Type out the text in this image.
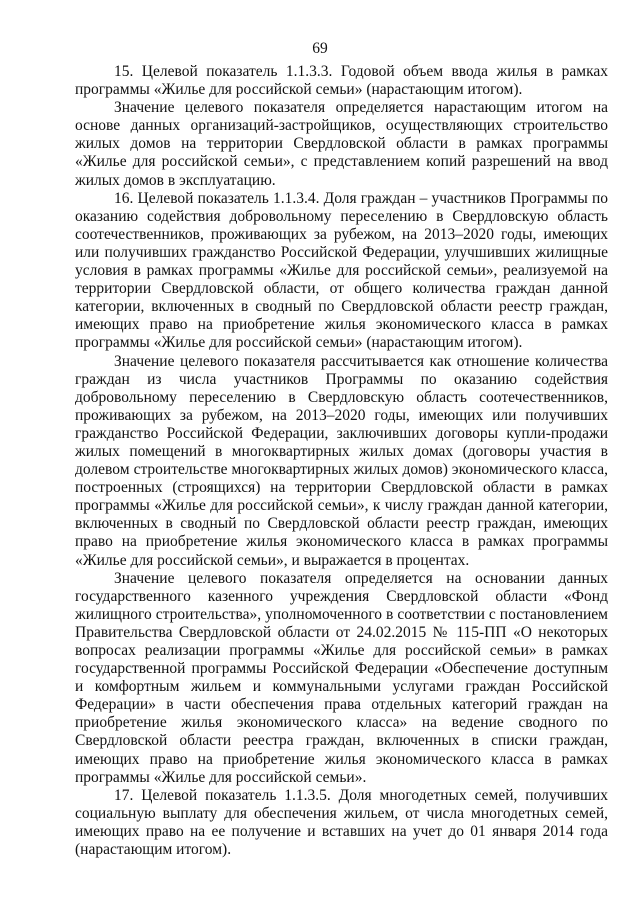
69

15. Целевой показатель 1.1.3.3. Годовой объем ввода жилья в рамках программы «Жилье для российской семьи» (нарастающим итогом).

Значение целевого показателя определяется нарастающим итогом на основе данных организаций-застройщиков, осуществляющих строительство жилых домов на территории Свердловской области в рамках программы «Жилье для российской семьи», с представлением копий разрешений на ввод жилых домов в эксплуатацию.

16. Целевой показатель 1.1.3.4. Доля граждан – участников Программы по оказанию содействия добровольному переселению в Свердловскую область соотечественников, проживающих за рубежом, на 2013–2020 годы, имеющих или получивших гражданство Российской Федерации, улучшивших жилищные условия в рамках программы «Жилье для российской семьи», реализуемой на территории Свердловской области, от общего количества граждан данной категории, включенных в сводный по Свердловской области реестр граждан, имеющих право на приобретение жилья экономического класса в рамках программы «Жилье для российской семьи» (нарастающим итогом).

Значение целевого показателя рассчитывается как отношение количества граждан из числа участников Программы по оказанию содействия добровольному переселению в Свердловскую область соотечественников, проживающих за рубежом, на 2013–2020 годы, имеющих или получивших гражданство Российской Федерации, заключивших договоры купли-продажи жилых помещений в многоквартирных жилых домах (договоры участия в долевом строительстве многоквартирных жилых домов) экономического класса, построенных (строящихся) на территории Свердловской области в рамках программы «Жилье для российской семьи», к числу граждан данной категории, включенных в сводный по Свердловской области реестр граждан, имеющих право на приобретение жилья экономического класса в рамках программы «Жилье для российской семьи», и выражается в процентах.

Значение целевого показателя определяется на основании данных государственного казенного учреждения Свердловской области «Фонд жилищного строительства», уполномоченного в соответствии с постановлением Правительства Свердловской области от 24.02.2015 № 115-ПП «О некоторых вопросах реализации программы «Жилье для российской семьи» в рамках государственной программы Российской Федерации «Обеспечение доступным и комфортным жильем и коммунальными услугами граждан Российской Федерации» в части обеспечения права отдельных категорий граждан на приобретение жилья экономического класса» на ведение сводного по Свердловской области реестра граждан, включенных в списки граждан, имеющих право на приобретение жилья экономического класса в рамках программы «Жилье для российской семьи».

17. Целевой показатель 1.1.3.5. Доля многодетных семей, получивших социальную выплату для обеспечения жильем, от числа многодетных семей, имеющих право на ее получение и вставших на учет до 01 января 2014 года (нарастающим итогом).
